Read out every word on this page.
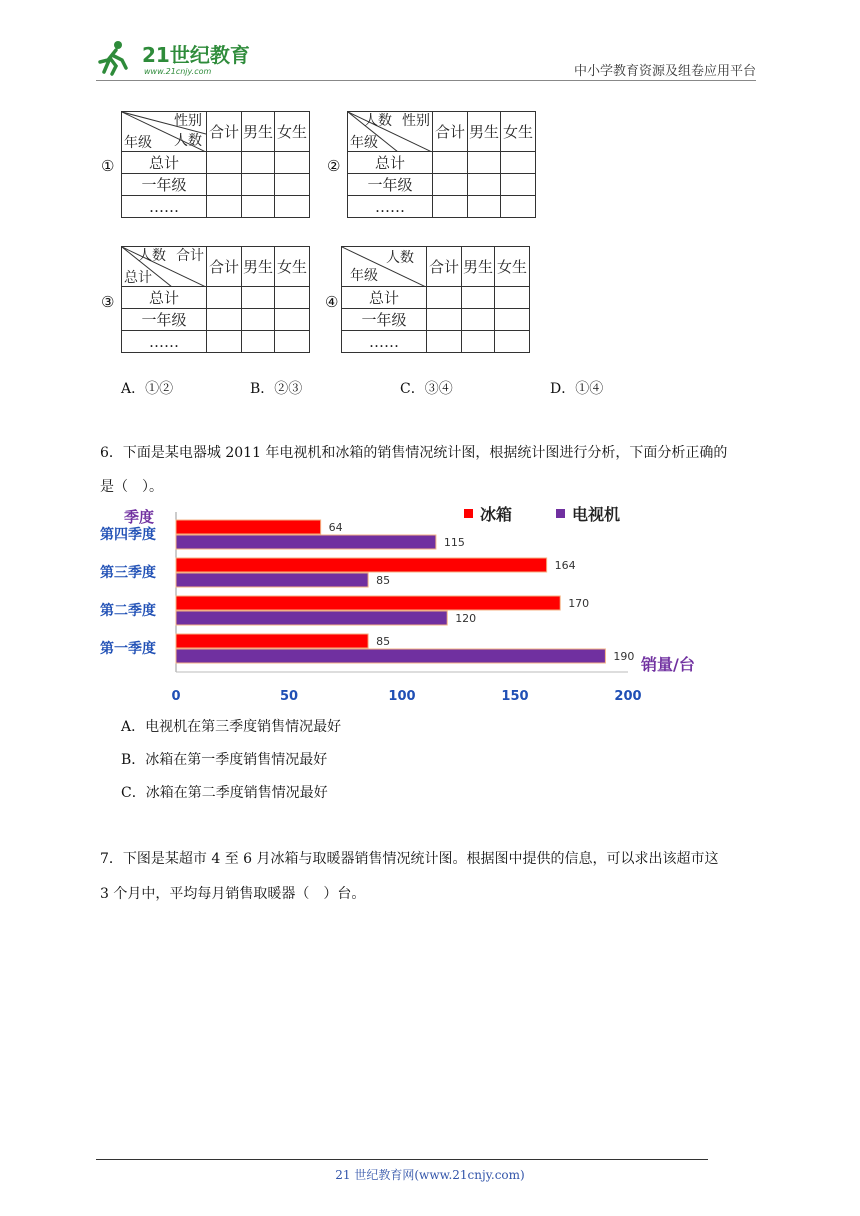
21世纪教育
www.21cnjy.com	中小学教育资源及组卷应用平台
①
性别
人数
年级	合计	男生	女生
总计			
一年级			
……			
②
人数 性别
年级	合计	男生	女生
总计			
一年级			
……			
③
人数 合计
总计	合计	男生	女生
总计			
一年级			
……			
④
人数
年级	合计	男生	女生
总计			
一年级			
……			
A．①②	B．②③	C．③④	D．①④
6．下面是某电器城 2011 年电视机和冰箱的销售情况统计图，根据统计图进行分析，下面分析正确的
是（　）。
季度	冰箱	电视机
第四季度	64
115
第三季度	164
85
第二季度	170
120
第一季度	85
190 销量/台
0	50	100	150	200
A．电视机在第三季度销售情况最好
B．冰箱在第一季度销售情况最好
C．冰箱在第二季度销售情况最好
7．下图是某超市 4 至 6 月冰箱与取暖器销售情况统计图。根据图中提供的信息，可以求出该超市这
3 个月中，平均每月销售取暖器（　）台。
21 世纪教育网(www.21cnjy.com)
